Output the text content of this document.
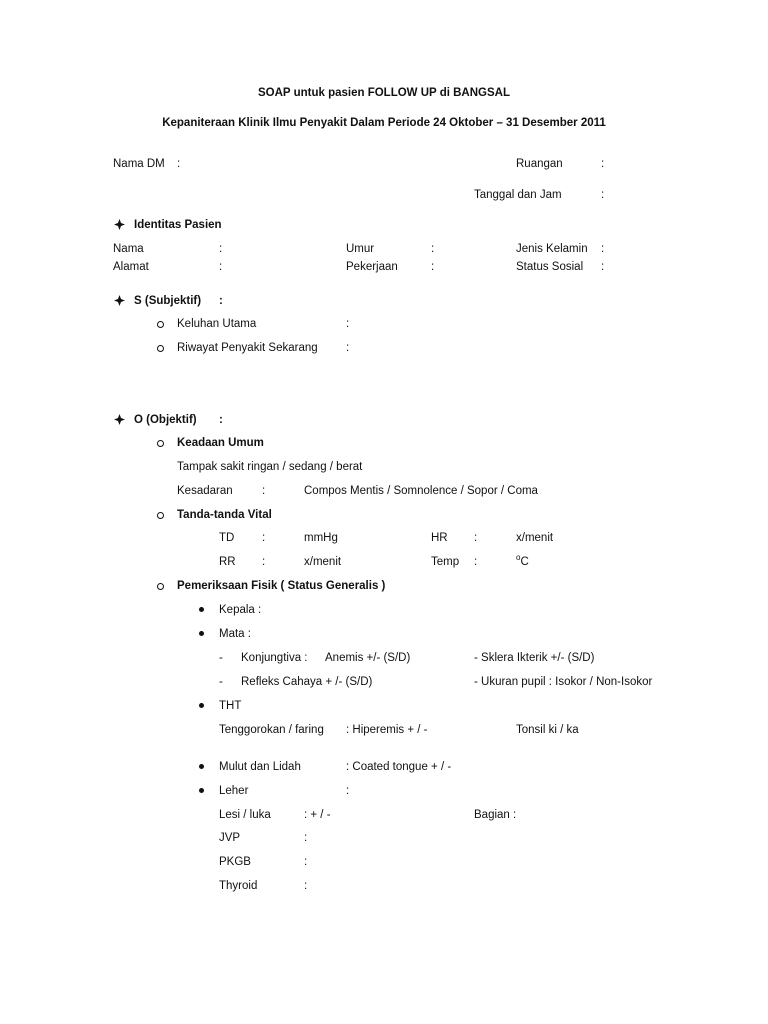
SOAP untuk pasien FOLLOW UP di BANGSAL
Kepaniteraan Klinik Ilmu Penyakit Dalam Periode 24 Oktober – 31 Desember 2011
Nama DM :	Ruangan	:
Tanggal dan Jam	:
Identitas Pasien
Nama	:	Umur	:	Jenis Kelamin :
Alamat	:	Pekerjaan	:	Status Sosial :
S (Subjektif) :
Keluhan Utama	:
Riwayat Penyakit Sekarang :
O (Objektif) :
Keadaan Umum
Tampak sakit ringan / sedang / berat
Kesadaran	:	Compos Mentis / Somnolence / Sopor / Coma
Tanda-tanda Vital
TD :	mmHg	HR :	x/menit
RR :	x/menit	Temp :	$^o$C
Pemeriksaan Fisik ( Status Generalis )
Kepala :
Mata :
- Konjungtiva : Anemis +/- (S/D)	- Sklera Ikterik +/- (S/D)
- Refleks Cahaya + /- (S/D)	- Ukuran pupil : Isokor / Non-Isokor
THT
Tenggorokan / faring : Hiperemis + / -	Tonsil ki / ka
Mulut dan Lidah	: Coated tongue + / -
Leher	:
Lesi / luka	: + / -	Bagian :
JVP	:
PKGB	:
Thyroid	:
